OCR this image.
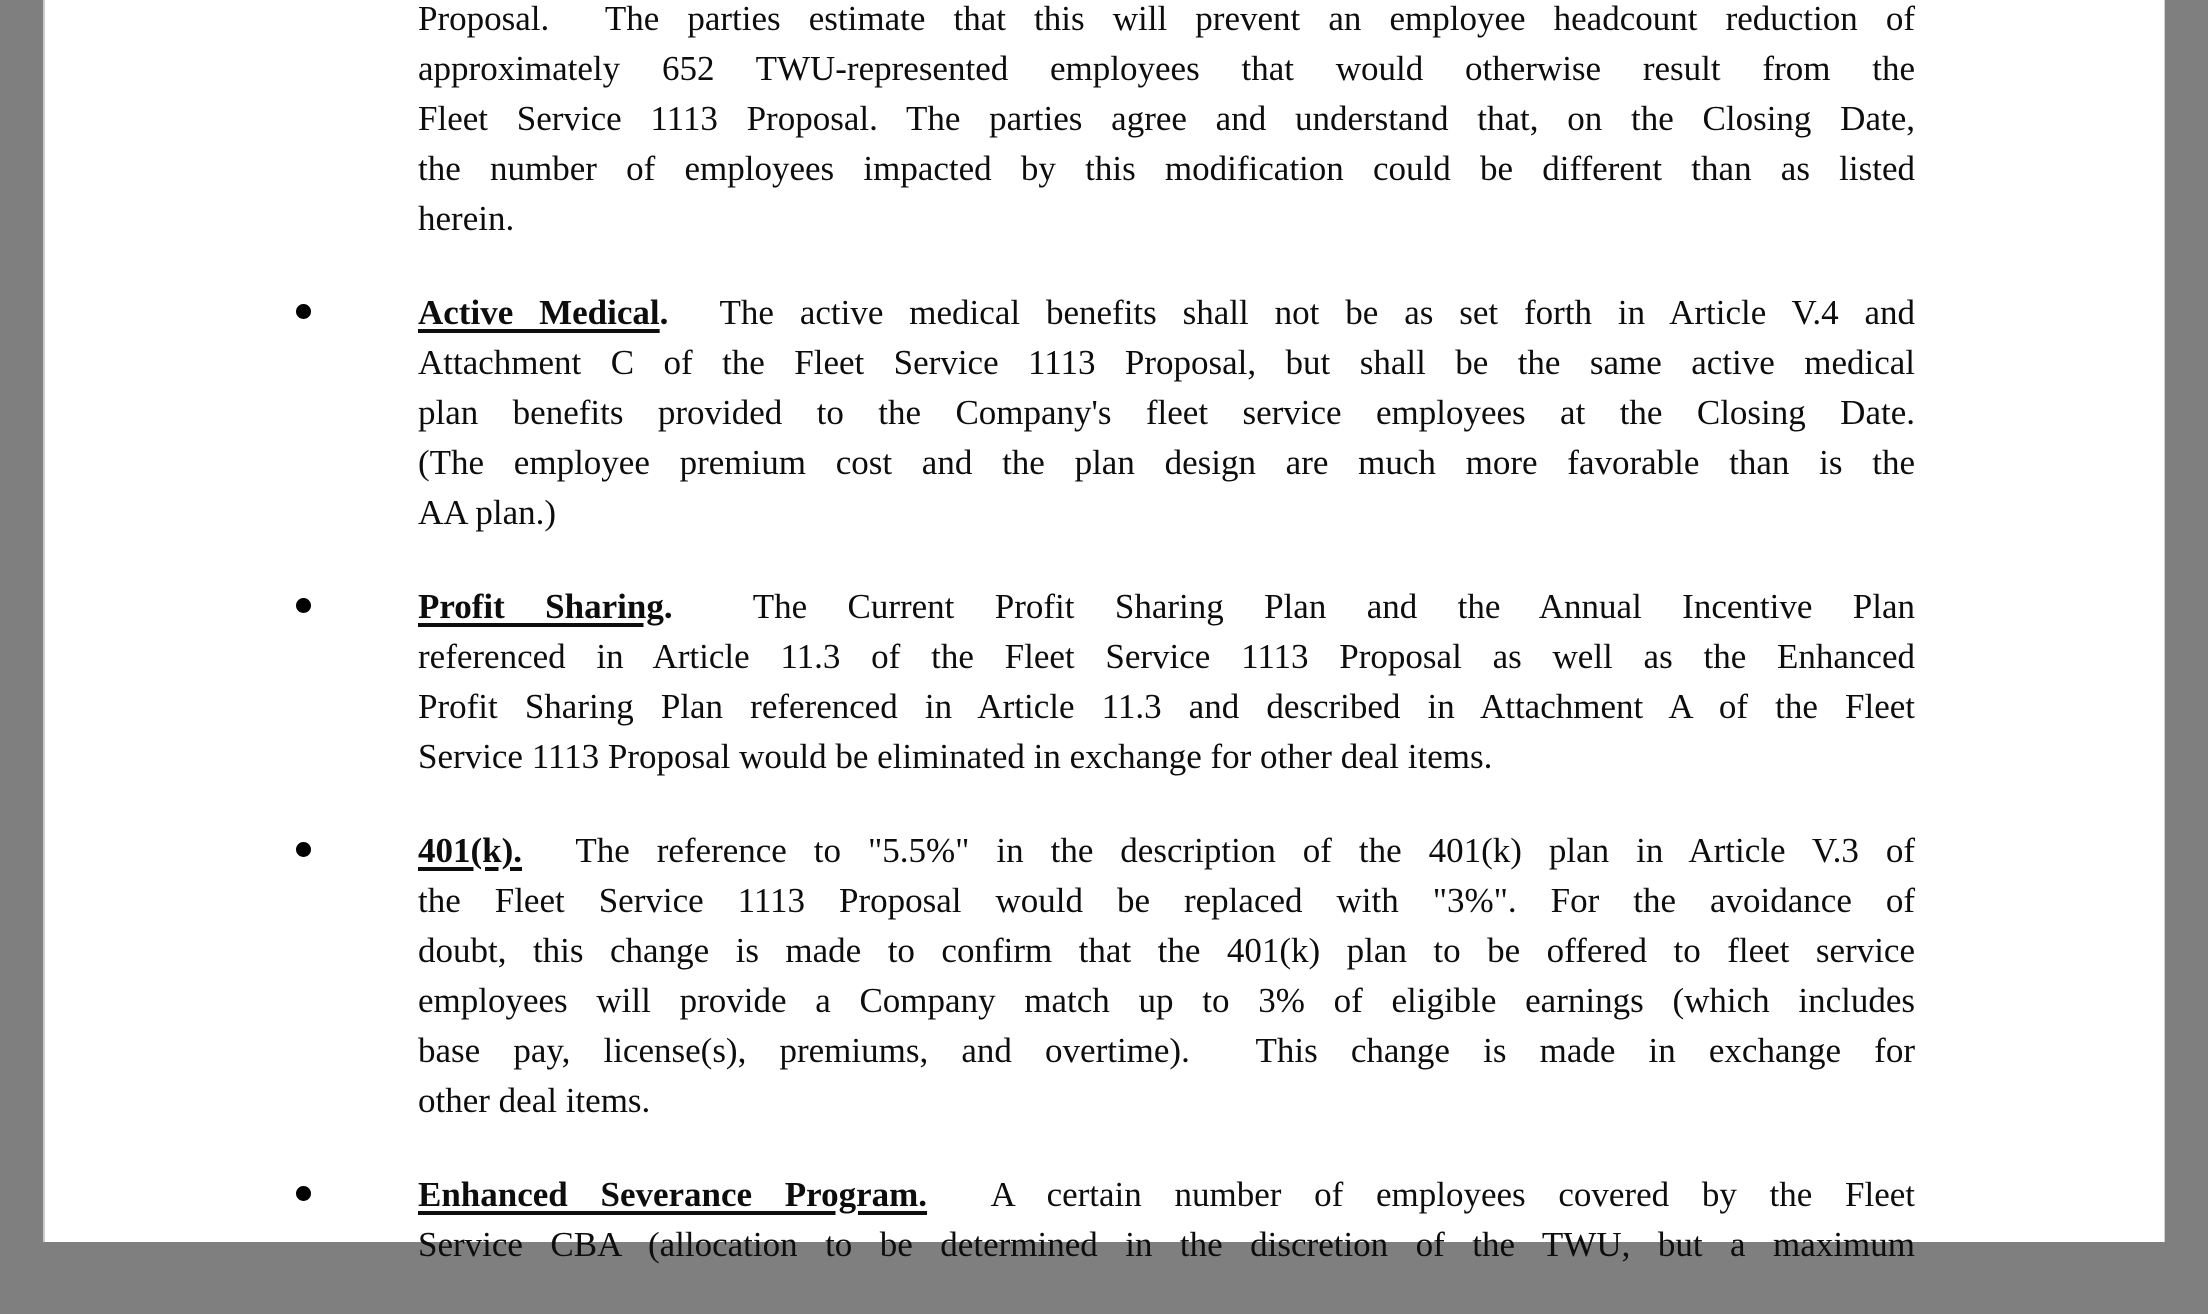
Proposal.  The parties estimate that this will prevent an employee headcount reduction of
approximately 652 TWU-represented employees that would otherwise result from the
Fleet Service 1113 Proposal. The parties agree and understand that, on the Closing Date,
the number of employees impacted by this modification could be different than as listed
herein.
Active Medical.  The active medical benefits shall not be as set forth in Article V.4 and
Attachment C of the Fleet Service 1113 Proposal, but shall be the same active medical
plan benefits provided to the Company's fleet service employees at the Closing Date.
(The employee premium cost and the plan design are much more favorable than is the
AA plan.)
Profit Sharing.  The Current Profit Sharing Plan and the Annual Incentive Plan
referenced in Article 11.3 of the Fleet Service 1113 Proposal as well as the Enhanced
Profit Sharing Plan referenced in Article 11.3 and described in Attachment A of the Fleet
Service 1113 Proposal would be eliminated in exchange for other deal items.
401(k).  The reference to "5.5%" in the description of the 401(k) plan in Article V.3 of
the Fleet Service 1113 Proposal would be replaced with "3%". For the avoidance of
doubt, this change is made to confirm that the 401(k) plan to be offered to fleet service
employees will provide a Company match up to 3% of eligible earnings (which includes
base pay, license(s), premiums, and overtime).  This change is made in exchange for
other deal items.
Enhanced Severance Program.  A certain number of employees covered by the Fleet
Service CBA (allocation to be determined in the discretion of the TWU, but a maximum
